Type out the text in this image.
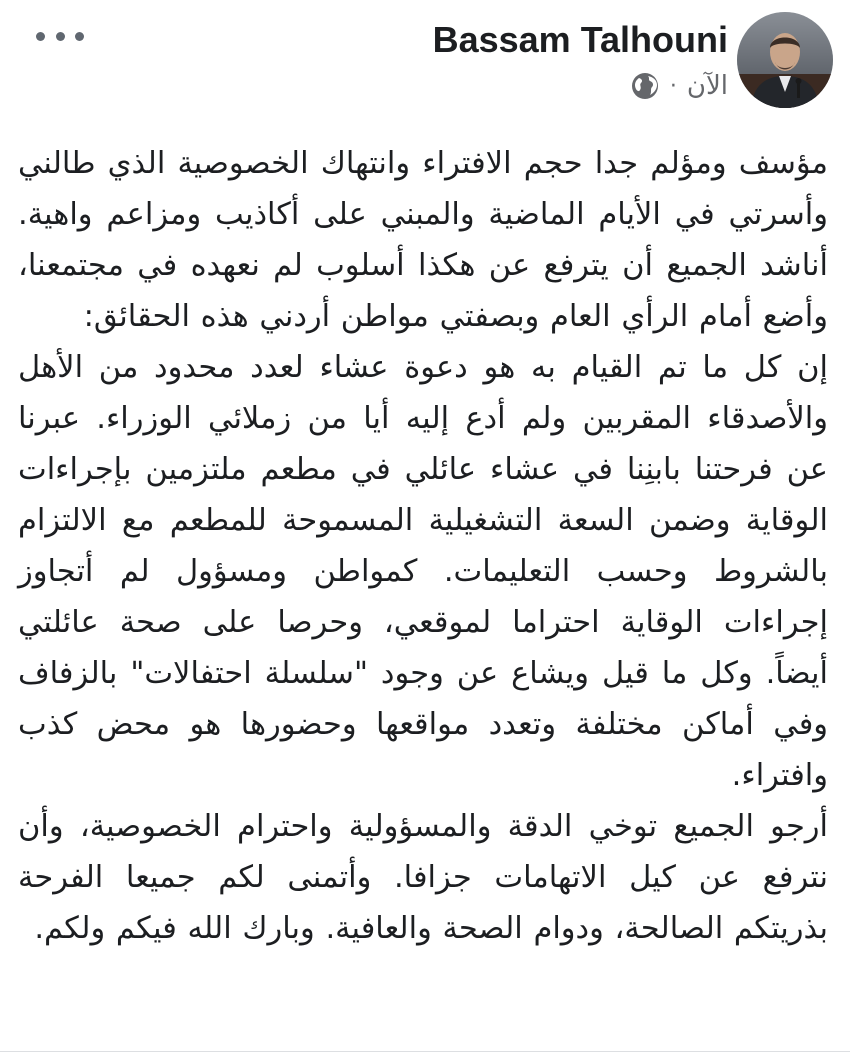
Bassam Talhouni
الآن
·
مؤسف ومؤلم جدا حجم الافتراء وانتهاك الخصوصية الذي طالني وأسرتي في الأيام الماضية والمبني على أكاذيب ومزاعم واهية. أناشد الجميع أن يترفع عن هكذا أسلوب لم نعهده في مجتمعنا، وأضع أمام الرأي العام وبصفتي مواطن أردني هذه الحقائق:
إن كل ما تم القيام به هو دعوة عشاء لعدد محدود من الأهل والأصدقاء المقربين ولم أدع إليه أيا من زملائي الوزراء. عبرنا عن فرحتنا بابنِنا في عشاء عائلي في مطعم ملتزمين بإجراءات الوقاية وضمن السعة التشغيلية المسموحة للمطعم مع الالتزام بالشروط وحسب التعليمات. كمواطن ومسؤول لم أتجاوز إجراءات الوقاية احتراما لموقعي، وحرصا على صحة عائلتي أيضاً. وكل ما قيل ويشاع عن وجود "سلسلة احتفالات" بالزفاف وفي أماكن مختلفة وتعدد مواقعها وحضورها هو محض كذب وافتراء.
أرجو الجميع توخي الدقة والمسؤولية واحترام الخصوصية، وأن نترفع عن كيل الاتهامات جزافا. وأتمنى لكم جميعا الفرحة بذريتكم الصالحة، ودوام الصحة والعافية. وبارك الله فيكم ولكم.
